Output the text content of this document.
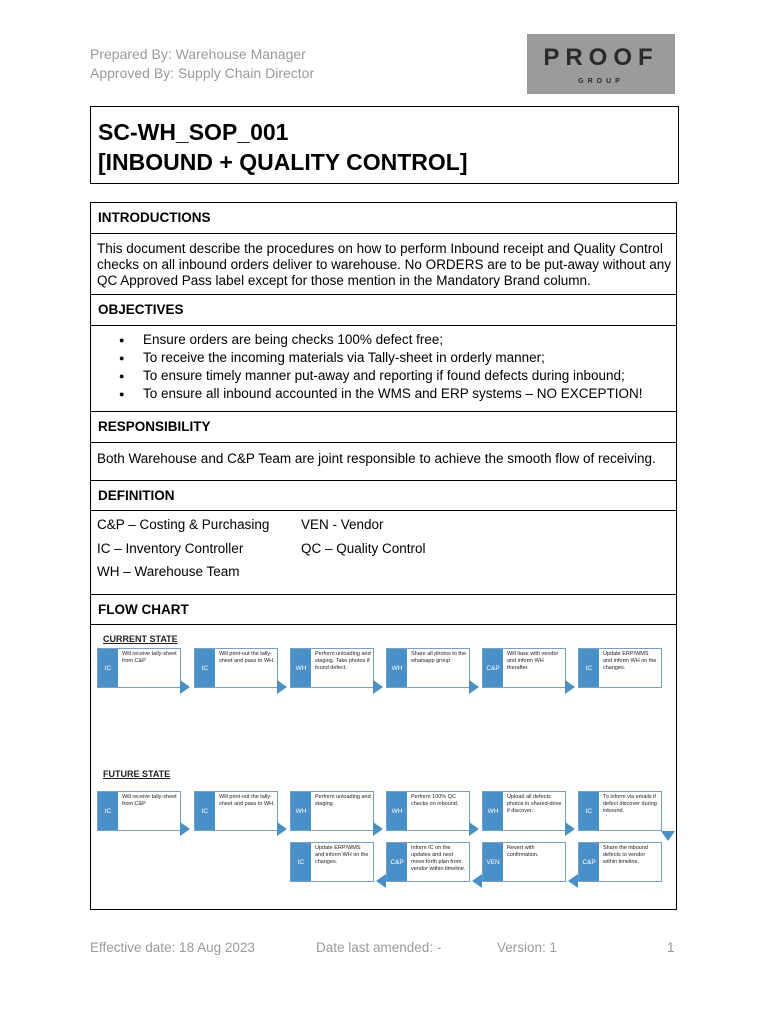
Prepared By: Warehouse Manager
Approved By: Supply Chain Director
PROOF
GROUP
SC-WH_SOP_001
[INBOUND + QUALITY CONTROL]
INTRODUCTIONS
This document describe the procedures on how to perform Inbound receipt and Quality Control
checks on all inbound orders deliver to warehouse. No ORDERS are to be put-away without any
QC Approved Pass label except for those mention in the Mandatory Brand column.
OBJECTIVES
● Ensure orders are being checks 100% defect free;
● To receive the incoming materials via Tally-sheet in orderly manner;
● To ensure timely manner put-away and reporting if found defects during inbound;
● To ensure all inbound accounted in the WMS and ERP systems – NO EXCEPTION!
RESPONSIBILITY
Both Warehouse and C&P Team are joint responsible to achieve the smooth flow of receiving.
DEFINITION
C&P – Costing & Purchasing
IC – Inventory Controller
WH – Warehouse Team
VEN - Vendor
QC – Quality Control
FLOW CHART
CURRENT STATE
IC
Will receive tally-sheet from C&P
IC
Will print-out the tally-sheet and pass to WH.
WH
Perform unloading and staging. Take photos if found defect.	WH
Share all photos to the whatsapp group
C&P
Will liase with vendor and inform WH therafter.	IC
Update ERP/WMS and inform WH on the changes.
FUTURE STATE
IC
Will receive tally-sheet from C&P
IC
Will print-out the tally-sheet and pass to WH.
WH
Perform unloading and staging.
WH
Perform 100% QC checks on inbound.
WH
Upload all defects photos in shared-drive if discover.	IC
To inform via emails if defect discover during inbound.
IC
Update ERP/WMS and inform WH on the changes.	C&P
Inform IC on the updates and next move forth plan from vendor within timeline.
VEN
Revert with confirmation.
C&P
Share the inbound defects to vendor within timeline.
Effective date: 18 Aug 2023	Date last amended: -	Version: 1	1
